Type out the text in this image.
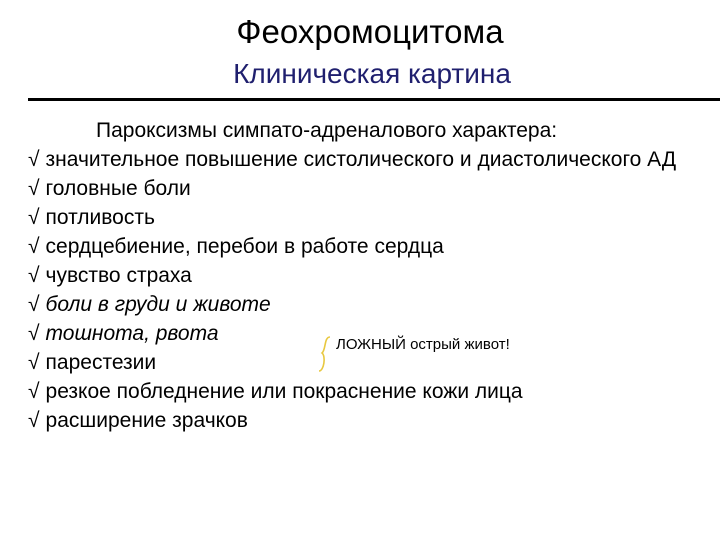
Феохромоцитома
Клиническая картина
Пароксизмы симпато-адреналового характера:
√ значительное повышение систолического и диастолического АД
√ головные боли
√ потливость
√ сердцебиение, перебои в работе сердца
√ чувство страха
√ боли в груди и животе
√ тошнота, рвота
√ парестезии
√ резкое побледнение или покраснение кожи лица
√ расширение зрачков
ЛОЖНЫЙ острый живот!
